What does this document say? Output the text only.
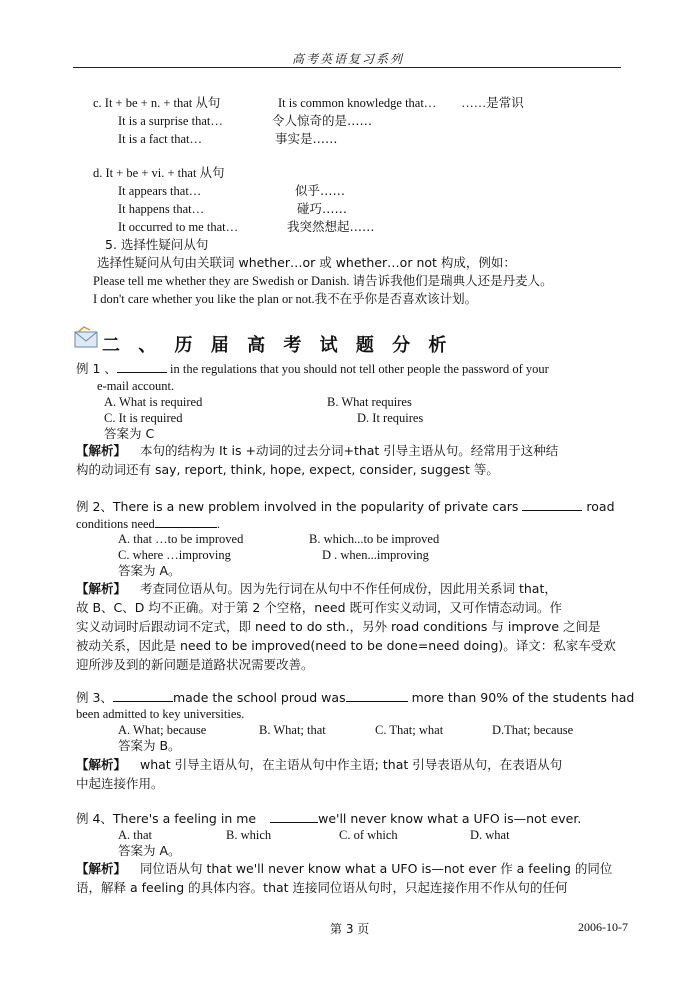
高考英语复习系列
c. It + be + n. + that 从句	It is common knowledge that…　　……是常识
It is a surprise that…	令人惊奇的是……
It is a fact that…	事实是……
d. It + be + vi. + that 从句
It appears that…	似乎……
It happens that…	碰巧……
It occurred to me that…	我突然想起……
5. 选择性疑问从句
选择性疑问从句由关联词 whether…or 或 whether…or not 构成，例如：
Please tell me whether they are Swedish or Danish. 请告诉我他们是瑞典人还是丹麦人。
I don't care whether you like the plan or not.我不在乎你是否喜欢该计划。
二 、 历 届 高 考 试 题 分 析
例 1 、	in the regulations that you should not tell other people the password of your
e-mail account.
A. What is required	B. What requires
C. It is required	D. It requires
答案为 C
【解析】 本句的结构为 It is +动词的过去分词+that 引导主语从句。经常用于这种结
构的动词还有 say, report, think, hope, expect, consider, suggest 等。
例 2、There is a new problem involved in the popularity of private cars	road
conditions need	.
A. that …to be improved	B. which...to be improved
C. where …improving	D . when...improving
答案为 A。
【解析】 考查同位语从句。因为先行词在从句中不作任何成份，因此用关系词 that，
故 B、C、D 均不正确。对于第 2 个空格，need 既可作实义动词，又可作情态动词。作
实义动词时后跟动词不定式，即 need to do sth.，另外 road conditions 与 improve 之间是
被动关系，因此是 need to be improved(need to be done=need doing)。译文：私家车受欢
迎所涉及到的新问题是道路状况需要改善。
例 3、	made the school proud was	more than 90% of the students had
been admitted to key universities.
A. What; because	B. What; that	C. That; what	D.That; because
答案为 B。
【解析】 what 引导主语从句，在主语从句中作主语; that 引导表语从句，在表语从句
中起连接作用。
例 4、There's a feeling in me	we'll never know what a UFO is—not ever.
A. that	B. which	C. of which	D. what
答案为 A。
【解析】 同位语从句 that we'll never know what a UFO is—not ever 作 a feeling 的同位
语，解释 a feeling 的具体内容。that 连接同位语从句时，只起连接作用不作从句的任何
第 3 页	2006-10-7
